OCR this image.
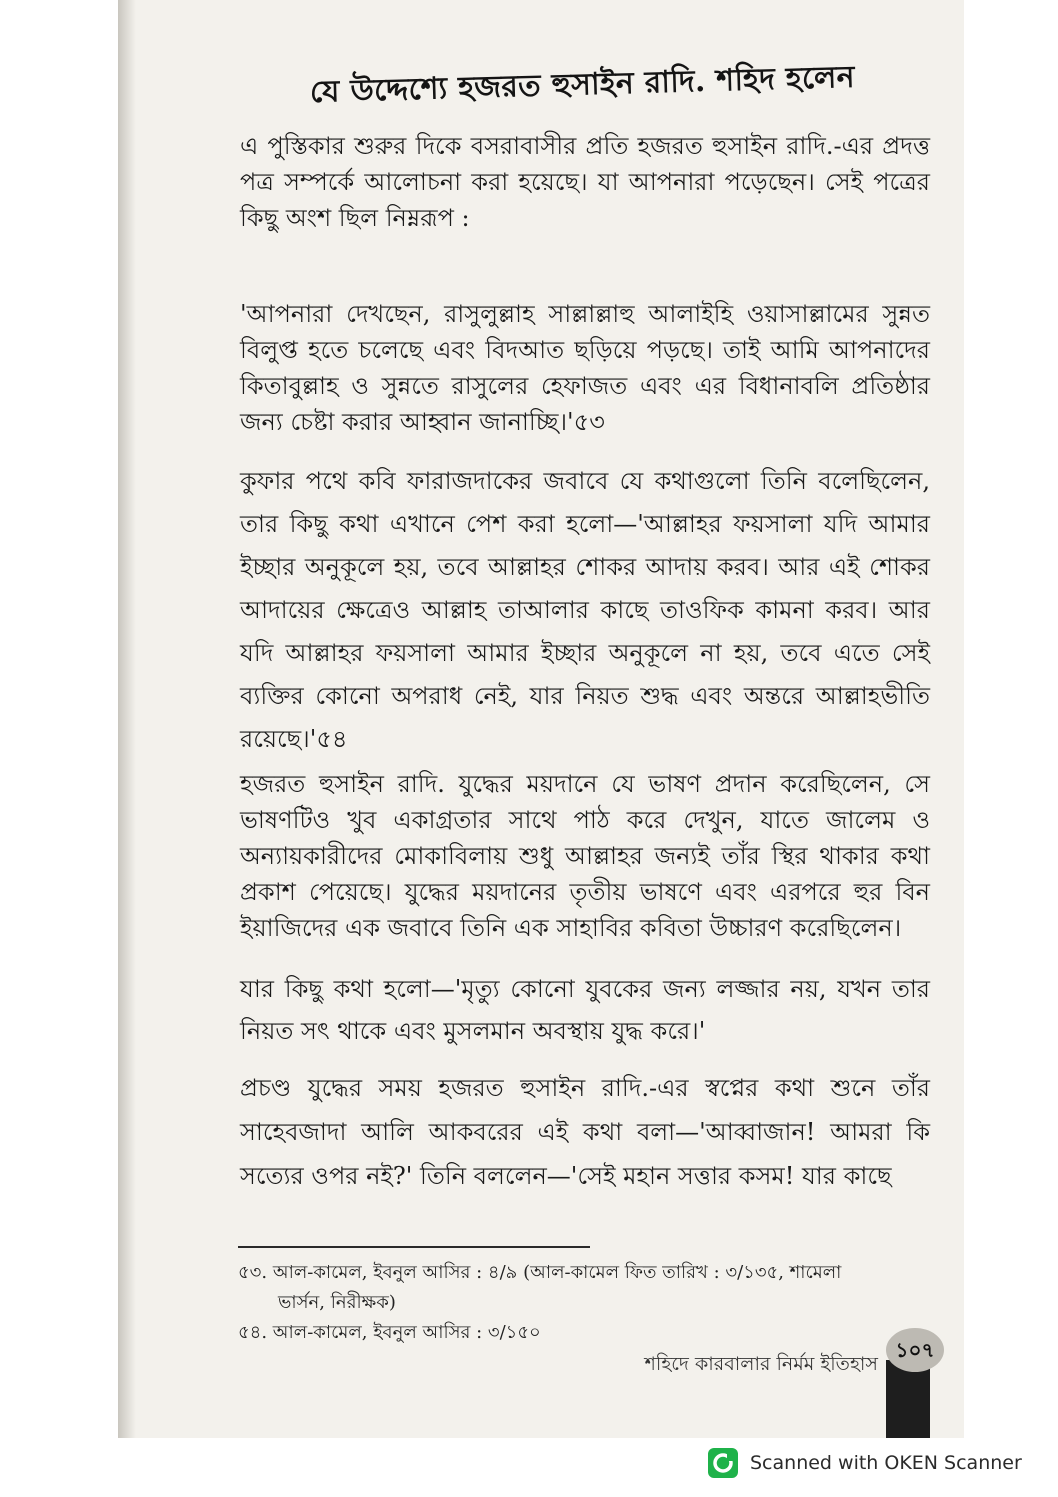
যে উদ্দেশ্যে হজরত হুসাইন রাদি. শহিদ হলেন
এ পুস্তিকার শুরুর দিকে বসরাবাসীর প্রতি হজরত হুসাইন রাদি.-এর প্রদত্ত পত্র সম্পর্কে আলোচনা করা হয়েছে। যা আপনারা পড়েছেন। সেই পত্রের কিছু অংশ ছিল নিম্নরূপ :
'আপনারা দেখছেন, রাসুলুল্লাহ সাল্লাল্লাহু আলাইহি ওয়াসাল্লামের সুন্নত বিলুপ্ত হতে চলেছে এবং বিদআত ছড়িয়ে পড়ছে। তাই আমি আপনাদের কিতাবুল্লাহ ও সুন্নতে রাসুলের হেফাজত এবং এর বিধানাবলি প্রতিষ্ঠার জন্য চেষ্টা করার আহ্বান জানাচ্ছি।'৫৩
কুফার পথে কবি ফারাজদাকের জবাবে যে কথাগুলো তিনি বলেছিলেন, তার কিছু কথা এখানে পেশ করা হলো—'আল্লাহর ফয়সালা যদি আমার ইচ্ছার অনুকূলে হয়, তবে আল্লাহর শোকর আদায় করব। আর এই শোকর আদায়ের ক্ষেত্রেও আল্লাহ তাআলার কাছে তাওফিক কামনা করব। আর যদি আল্লাহর ফয়সালা আমার ইচ্ছার অনুকূলে না হয়, তবে এতে সেই ব্যক্তির কোনো অপরাধ নেই, যার নিয়ত শুদ্ধ এবং অন্তরে আল্লাহভীতি রয়েছে।'৫৪
হজরত হুসাইন রাদি. যুদ্ধের ময়দানে যে ভাষণ প্রদান করেছিলেন, সে ভাষণটিও খুব একাগ্রতার সাথে পাঠ করে দেখুন, যাতে জালেম ও অন্যায়কারীদের মোকাবিলায় শুধু আল্লাহর জন্যই তাঁর স্থির থাকার কথা প্রকাশ পেয়েছে। যুদ্ধের ময়দানের তৃতীয় ভাষণে এবং এরপরে হুর বিন ইয়াজিদের এক জবাবে তিনি এক সাহাবির কবিতা উচ্চারণ করেছিলেন।
যার কিছু কথা হলো—'মৃত্যু কোনো যুবকের জন্য লজ্জার নয়, যখন তার নিয়ত সৎ থাকে এবং মুসলমান অবস্থায় যুদ্ধ করে।'
প্রচণ্ড যুদ্ধের সময় হজরত হুসাইন রাদি.-এর স্বপ্নের কথা শুনে তাঁর সাহেবজাদা আলি আকবরের এই কথা বলা—'আব্বাজান! আমরা কি সত্যের ওপর নই?' তিনি বললেন—'সেই মহান সত্তার কসম! যার কাছে
৫৩. আল-কামেল, ইবনুল আসির : ৪/৯ (আল-কামেল ফিত তারিখ : ৩/১৩৫, শামেলা
ভার্সন, নিরীক্ষক)
৫৪. আল-কামেল, ইবনুল আসির : ৩/১৫০
শহিদে কারবালার নির্মম ইতিহাস
১০৭
Scanned with OKEN Scanner
